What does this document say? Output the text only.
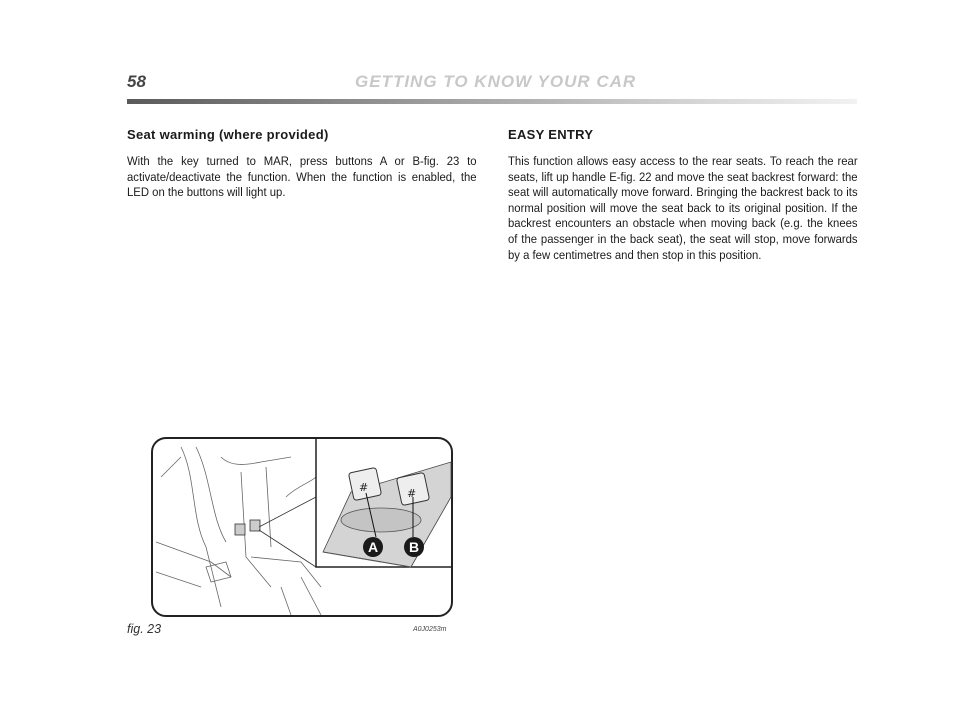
58	GETTING TO KNOW YOUR CAR
Seat warming (where provided)

With the key turned to MAR, press buttons A or B-fig. 23 to activate/deactivate the function. When the function is enabled, the LED on the buttons will light up.

EASY ENTRY

This function allows easy access to the rear seats. To reach the rear seats, lift up handle E-fig. 22 and move the seat backrest forward: the seat will automatically move forward. Bringing the backrest back to its normal position will move the seat back to its original position. If the backrest encounters an obstacle when moving back (e.g. the knees of the passenger in the back seat), the seat will stop, move forwards by a few centimetres and then stop in this position.

#	#
A B
fig. 23	A0J0253m
